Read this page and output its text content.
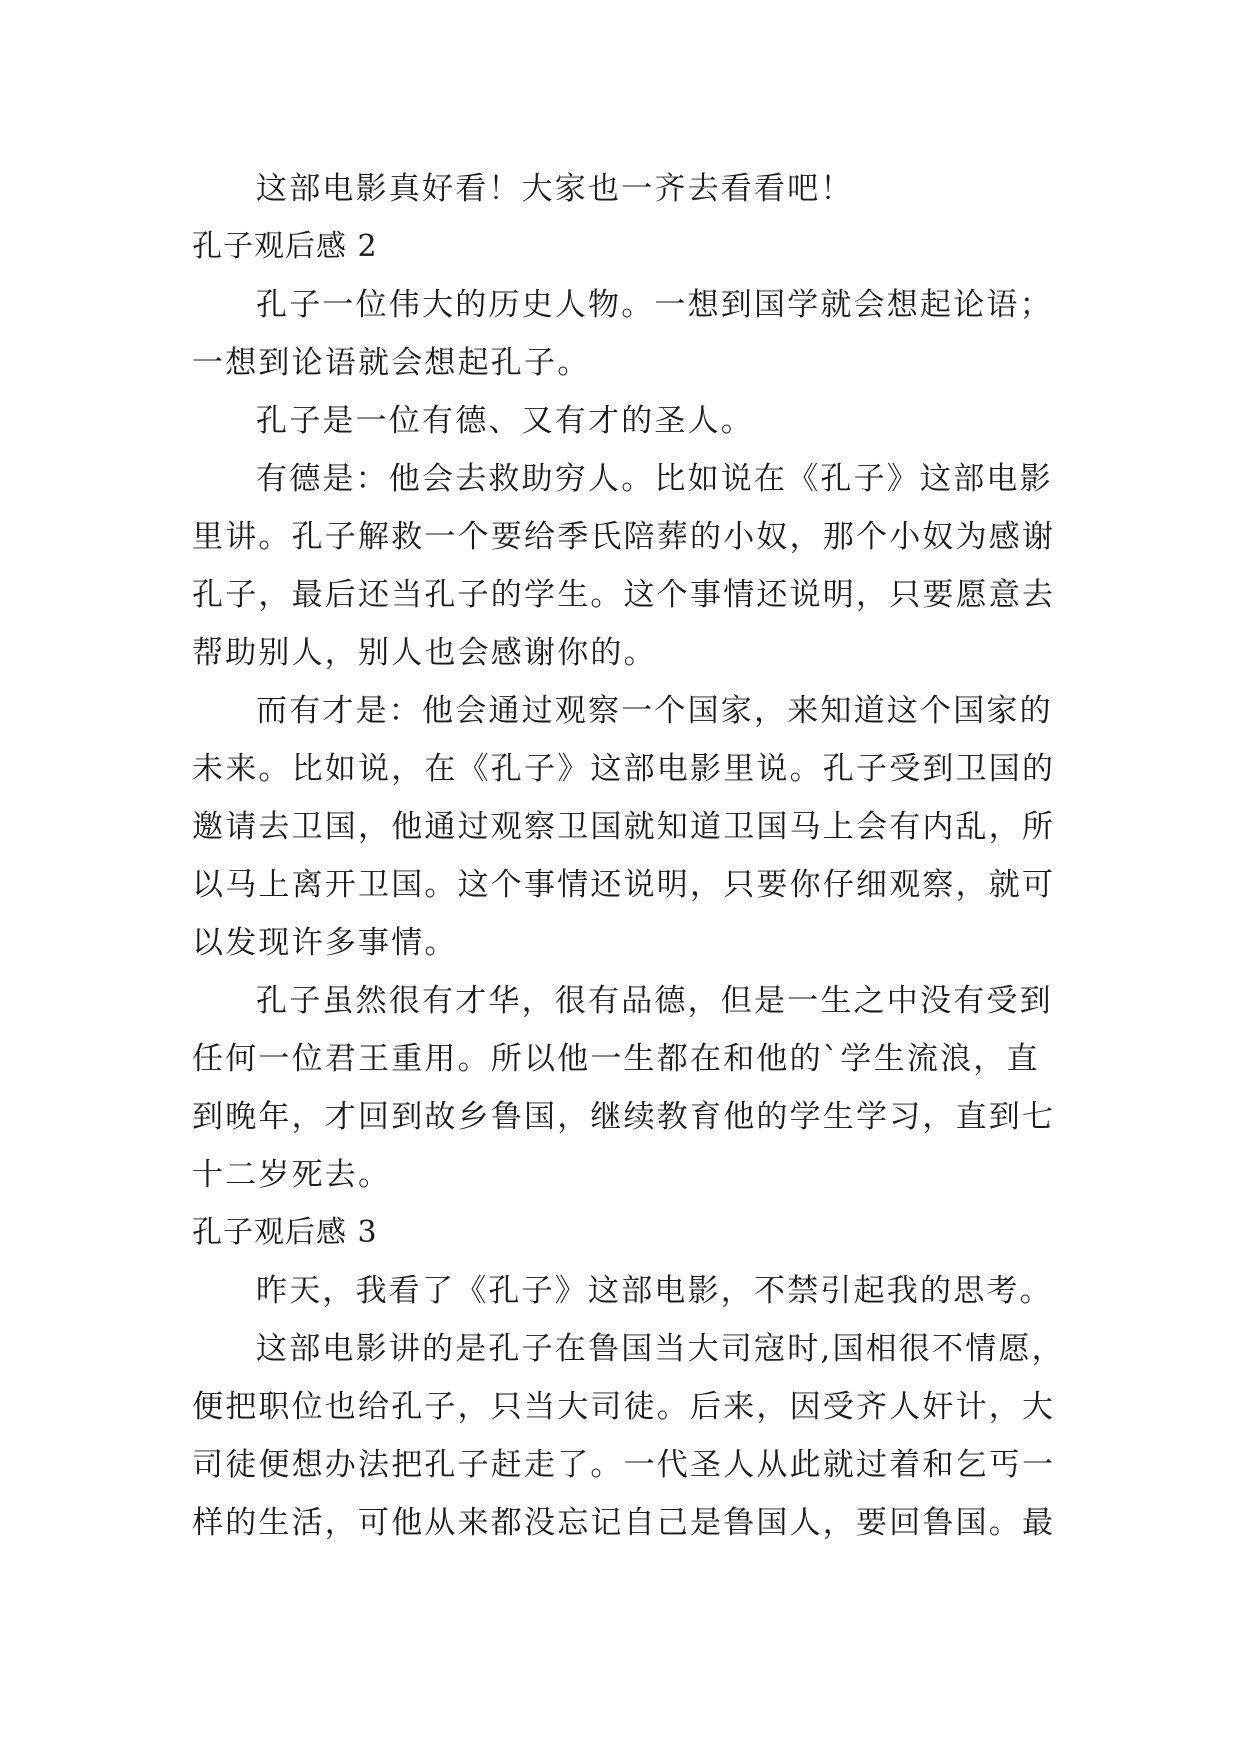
这部电影真好看！大家也一齐去看看吧！
孔子观后感 2
孔子一位伟大的历史人物。一想到国学就会想起论语；
一想到论语就会想起孔子。
孔子是一位有德、又有才的圣人。
有德是：他会去救助穷人。比如说在《孔子》这部电影
里讲。孔子解救一个要给季氏陪葬的小奴，那个小奴为感谢
孔子，最后还当孔子的学生。这个事情还说明，只要愿意去
帮助别人，别人也会感谢你的。
而有才是：他会通过观察一个国家，来知道这个国家的
未来。比如说，在《孔子》这部电影里说。孔子受到卫国的
邀请去卫国，他通过观察卫国就知道卫国马上会有内乱，所
以马上离开卫国。这个事情还说明，只要你仔细观察，就可
以发现许多事情。
孔子虽然很有才华，很有品德，但是一生之中没有受到
任何一位君王重用。所以他一生都在和他的`学生流浪，直
到晚年，才回到故乡鲁国，继续教育他的学生学习，直到七
十二岁死去。
孔子观后感 3
昨天，我看了《孔子》这部电影，不禁引起我的思考。
这部电影讲的是孔子在鲁国当大司寇时,国相很不情愿，
便把职位也给孔子，只当大司徒。后来，因受齐人奸计，大
司徒便想办法把孔子赶走了。一代圣人从此就过着和乞丐一
样的生活，可他从来都没忘记自己是鲁国人，要回鲁国。最
